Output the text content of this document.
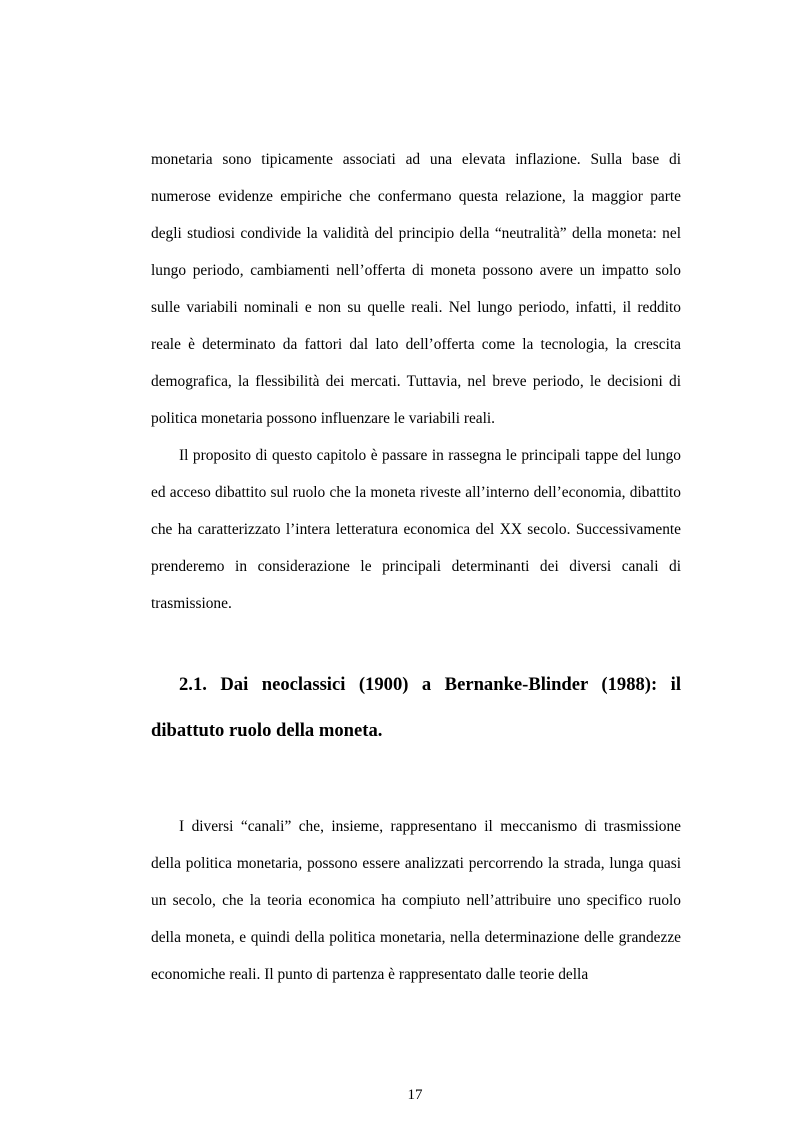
monetaria sono tipicamente associati ad una elevata inflazione. Sulla base di numerose evidenze empiriche che confermano questa relazione, la maggior parte degli studiosi condivide la validità del principio della “neutralità” della moneta: nel lungo periodo, cambiamenti nell’offerta di moneta possono avere un impatto solo sulle variabili nominali e non su quelle reali. Nel lungo periodo, infatti, il reddito reale è determinato da fattori dal lato dell’offerta come la tecnologia, la crescita demografica, la flessibilità dei mercati. Tuttavia, nel breve periodo, le decisioni di politica monetaria possono influenzare le variabili reali.

Il proposito di questo capitolo è passare in rassegna le principali tappe del lungo ed acceso dibattito sul ruolo che la moneta riveste all’interno dell’economia, dibattito che ha caratterizzato l’intera letteratura economica del XX secolo. Successivamente prenderemo in considerazione le principali determinanti dei diversi canali di trasmissione.

2.1. Dai neoclassici (1900) a Bernanke-Blinder (1988): il dibattuto ruolo della moneta.

I diversi “canali” che, insieme, rappresentano il meccanismo di trasmissione della politica monetaria, possono essere analizzati percorrendo la strada, lunga quasi un secolo, che la teoria economica ha compiuto nell’attribuire uno specifico ruolo della moneta, e quindi della politica monetaria, nella determinazione delle grandezze economiche reali. Il punto di partenza è rappresentato dalle teorie della

17
